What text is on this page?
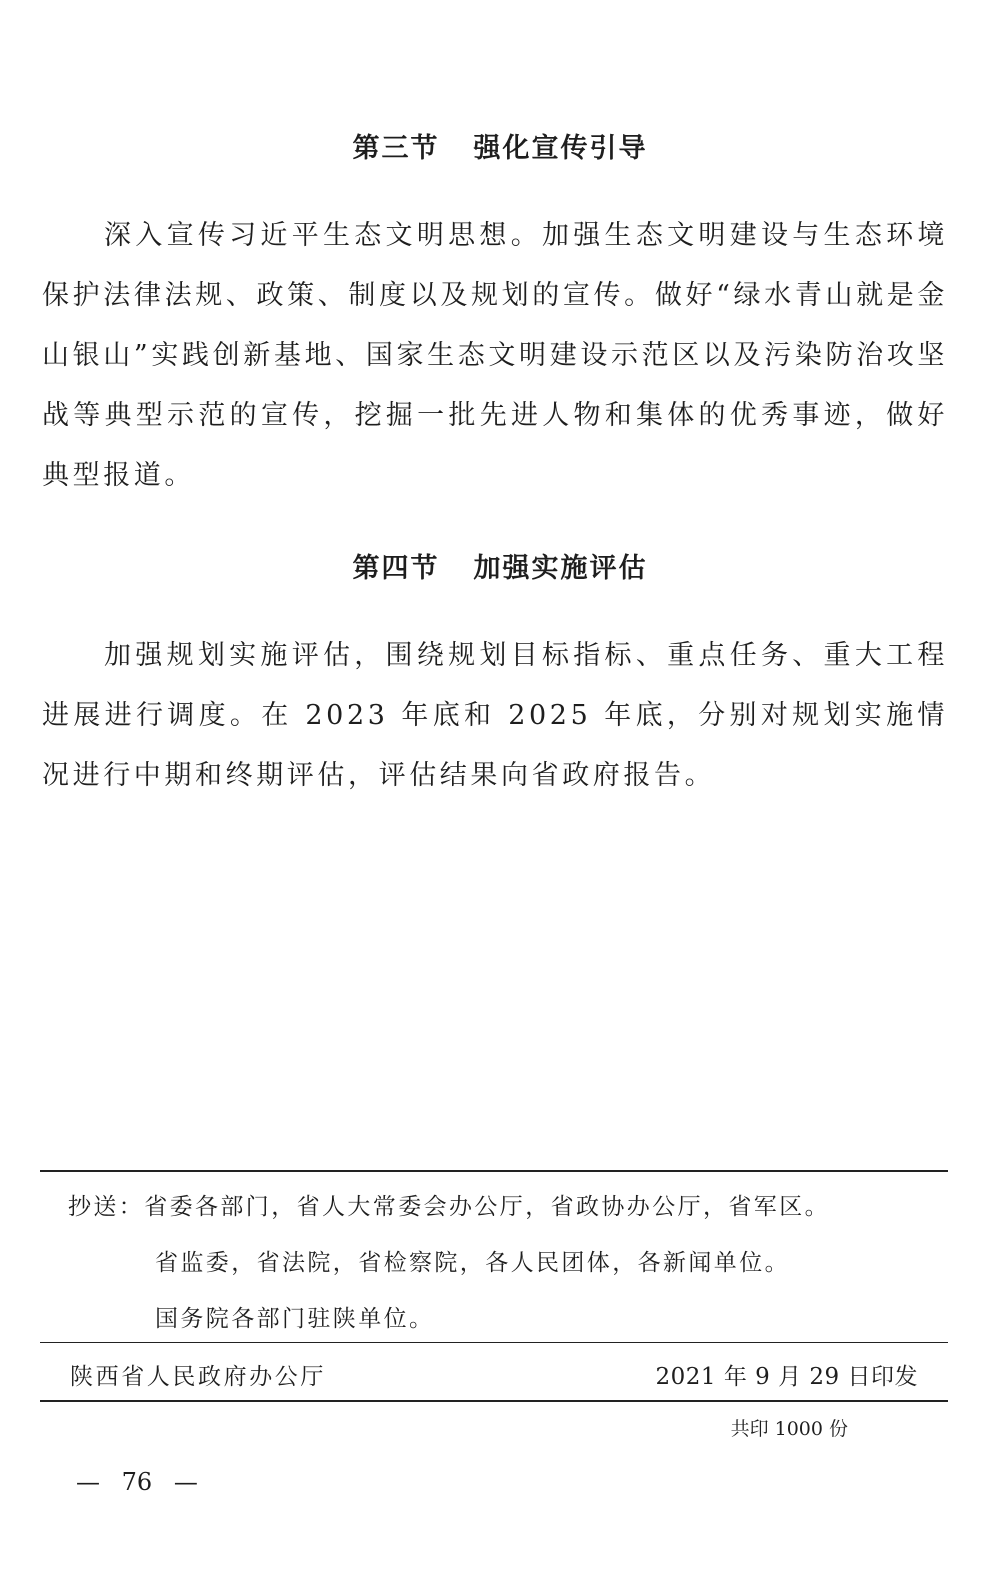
第三节 强化宣传引导

深入宣传习近平生态文明思想。加强生态文明建设与生态环境保护法律法规、政策、制度以及规划的宣传。做好“绿水青山就是金山银山”实践创新基地、国家生态文明建设示范区以及污染防治攻坚战等典型示范的宣传，挖掘一批先进人物和集体的优秀事迹，做好典型报道。

第四节 加强实施评估

加强规划实施评估，围绕规划目标指标、重点任务、重大工程进展进行调度。在 2023 年底和 2025 年底，分别对规划实施情况进行中期和终期评估，评估结果向省政府报告。

抄送：省委各部门，省人大常委会办公厅，省政协办公厅，省军区。
省监委，省法院，省检察院，各人民团体，各新闻单位。
国务院各部门驻陕单位。
陕西省人民政府办公厅	2021 年 9 月 29 日印发
共印 1000 份
— 76 —
